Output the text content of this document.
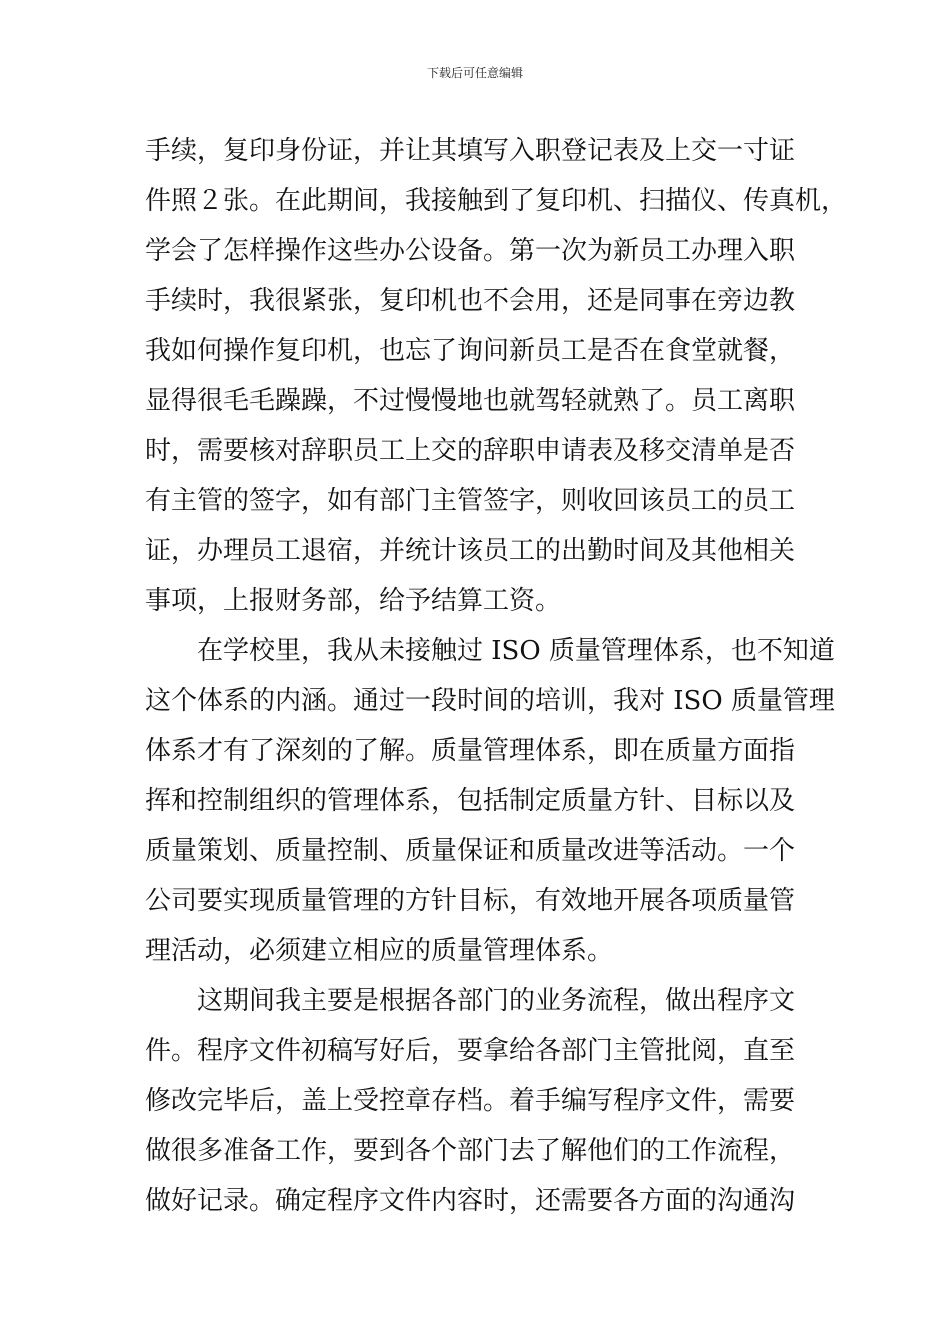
下载后可任意编辑
手续，复印身份证，并让其填写入职登记表及上交一寸证
件照２张。在此期间，我接触到了复印机、扫描仪、传真机，
学会了怎样操作这些办公设备。第一次为新员工办理入职
手续时，我很紧张，复印机也不会用，还是同事在旁边教
我如何操作复印机，也忘了询问新员工是否在食堂就餐，
显得很毛毛躁躁，不过慢慢地也就驾轻就熟了。员工离职
时，需要核对辞职员工上交的辞职申请表及移交清单是否
有主管的签字，如有部门主管签字，则收回该员工的员工
证，办理员工退宿，并统计该员工的出勤时间及其他相关
事项，上报财务部，给予结算工资。
在学校里，我从未接触过 ISO 质量管理体系，也不知道
这个体系的内涵。通过一段时间的培训，我对 ISO 质量管理
体系才有了深刻的了解。质量管理体系，即在质量方面指
挥和控制组织的管理体系，包括制定质量方针、目标以及
质量策划、质量控制、质量保证和质量改进等活动。一个
公司要实现质量管理的方针目标，有效地开展各项质量管
理活动，必须建立相应的质量管理体系。
这期间我主要是根据各部门的业务流程，做出程序文
件。程序文件初稿写好后，要拿给各部门主管批阅，直至
修改完毕后，盖上受控章存档。着手编写程序文件，需要
做很多准备工作，要到各个部门去了解他们的工作流程，
做好记录。确定程序文件内容时，还需要各方面的沟通沟
